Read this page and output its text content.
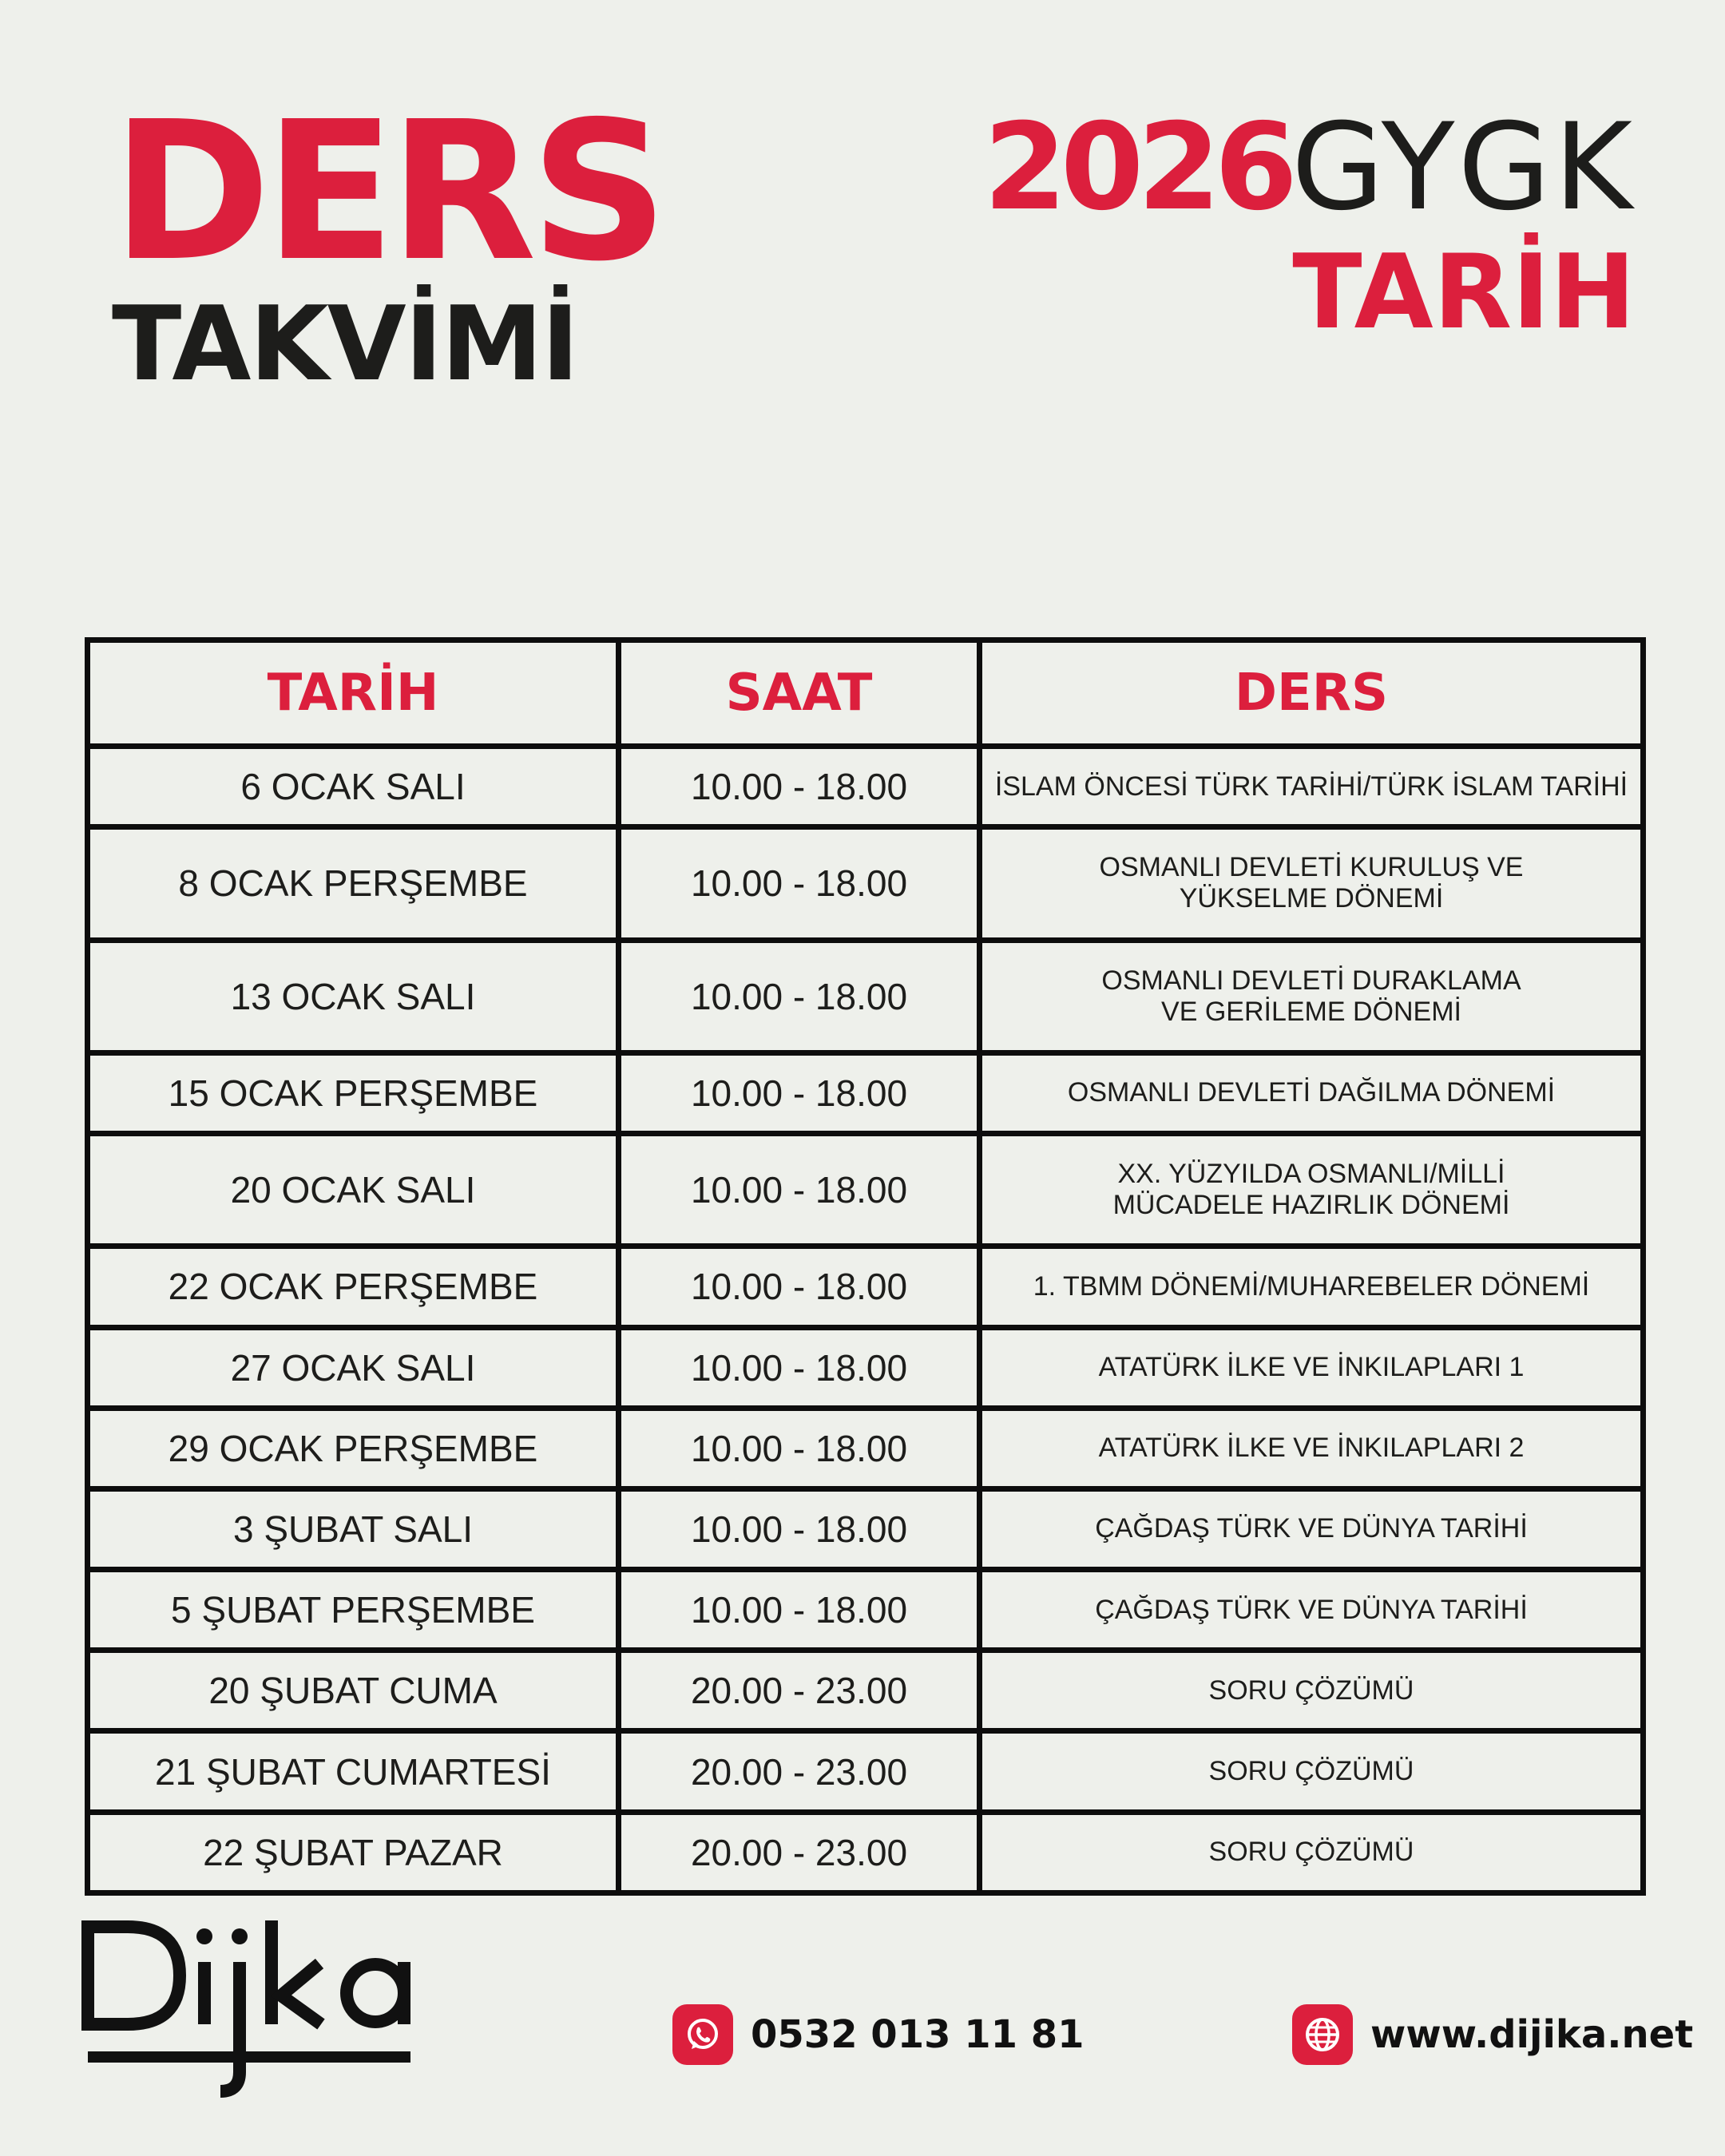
DERS
TAKVİMİ
2026GYGK
TARİH
TARİH	SAAT	DERS
6 OCAK SALI	10.00 - 18.00	İSLAM ÖNCESİ TÜRK TARİHİ/TÜRK İSLAM TARİHİ

8 OCAK PERŞEMBE	10.00 - 18.00	OSMANLI DEVLETİ KURULUŞ VE
YÜKSELME DÖNEMİ

13 OCAK SALI	10.00 - 18.00	OSMANLI DEVLETİ DURAKLAMA
VE GERİLEME DÖNEMİ

15 OCAK PERŞEMBE	10.00 - 18.00	OSMANLI DEVLETİ DAĞILMA DÖNEMİ

20 OCAK SALI	10.00 - 18.00	XX. YÜZYILDA OSMANLI/MİLLİ
MÜCADELE HAZIRLIK DÖNEMİ

22 OCAK PERŞEMBE	10.00 - 18.00	1. TBMM DÖNEMİ/MUHAREBELER DÖNEMİ

27 OCAK SALI	10.00 - 18.00	ATATÜRK İLKE VE İNKILAPLARI 1

29 OCAK PERŞEMBE	10.00 - 18.00	ATATÜRK İLKE VE İNKILAPLARI 2

3 ŞUBAT SALI	10.00 - 18.00	ÇAĞDAŞ TÜRK VE DÜNYA TARİHİ

5 ŞUBAT PERŞEMBE	10.00 - 18.00	ÇAĞDAŞ TÜRK VE DÜNYA TARİHİ

20 ŞUBAT CUMA	20.00 - 23.00	SORU ÇÖZÜMÜ

21 ŞUBAT CUMARTESİ	20.00 - 23.00	SORU ÇÖZÜMÜ

22 ŞUBAT PAZAR	20.00 - 23.00	SORU ÇÖZÜMÜ
0532 013 11 81	www.dijika.net
